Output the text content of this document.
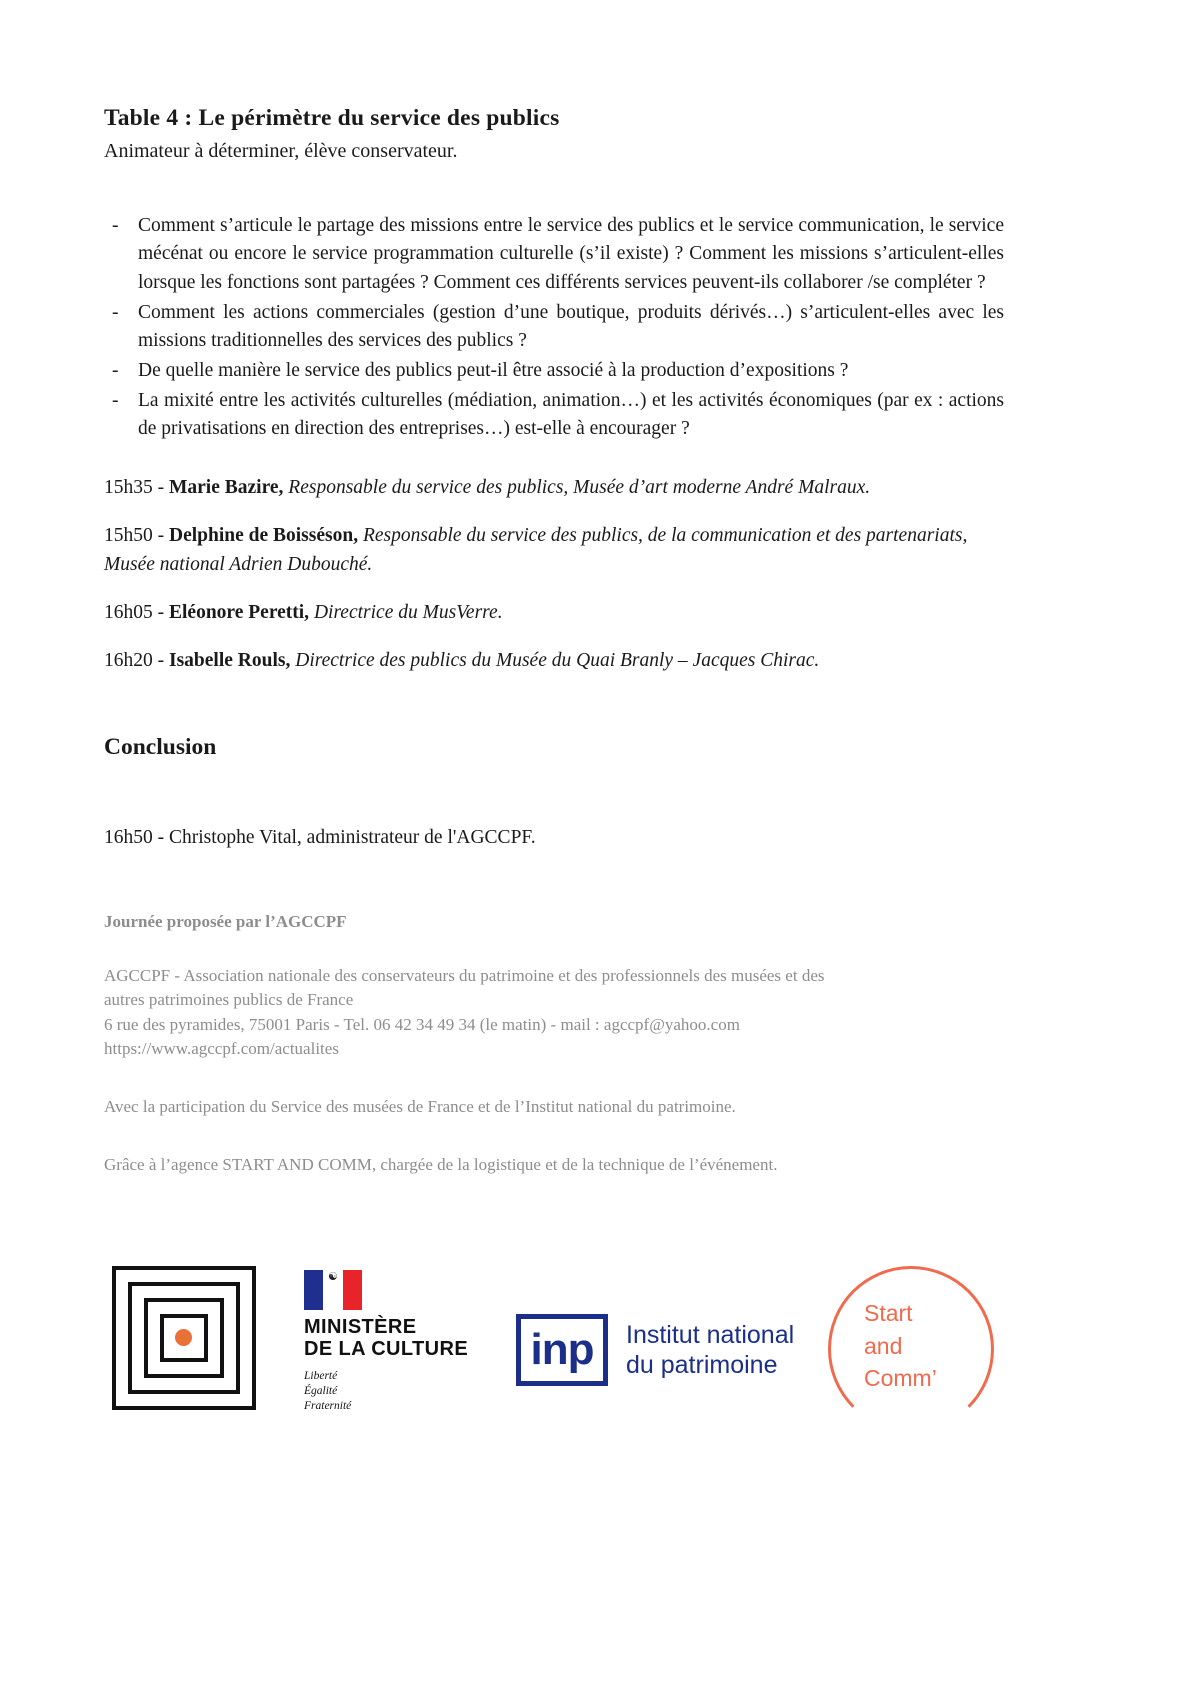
Table 4 : Le périmètre du service des publics

Animateur à déterminer, élève conservateur.

- Comment s’articule le partage des missions entre le service des publics et le service communication, le service mécénat ou encore le service programmation culturelle (s’il existe) ? Comment les missions s’articulent-elles lorsque les fonctions sont partagées ? Comment ces différents services peuvent-ils collaborer /se compléter ?
- Comment les actions commerciales (gestion d’une boutique, produits dérivés…) s’articulent-elles avec les missions traditionnelles des services des publics ?
- De quelle manière le service des publics peut-il être associé à la production d’expositions ?
- La mixité entre les activités culturelles (médiation, animation…) et les activités économiques (par ex : actions de privatisations en direction des entreprises…) est-elle à encourager ?
15h35 - Marie Bazire, Responsable du service des publics, Musée d’art moderne André Malraux.
15h50 - Delphine de Boisséson, Responsable du service des publics, de la communication et des partenariats, Musée national Adrien Dubouché.
16h05 - Eléonore Peretti, Directrice du MusVerre.
16h20 - Isabelle Rouls, Directrice des publics du Musée du Quai Branly – Jacques Chirac.
Conclusion

16h50 - Christophe Vital, administrateur de l'AGCCPF.

Journée proposée par l’AGCCPF

AGCCPF - Association nationale des conservateurs du patrimoine et des professionnels des musées et des
autres patrimoines publics de France
6 rue des pyramides, 75001 Paris - Tel. 06 42 34 49 34 (le matin) - mail : agccpf@yahoo.com
https://www.agccpf.com/actualites

Avec la participation du Service des musées de France et de l’Institut national du patrimoine.

Grâce à l’agence START AND COMM, chargée de la logistique et de la technique de l’événement.

☯
MINISTÈRE
DE LA CULTURE
Liberté
Égalité
Fraternité
inp	Institut national
du patrimoine
Start
and
Comm’
